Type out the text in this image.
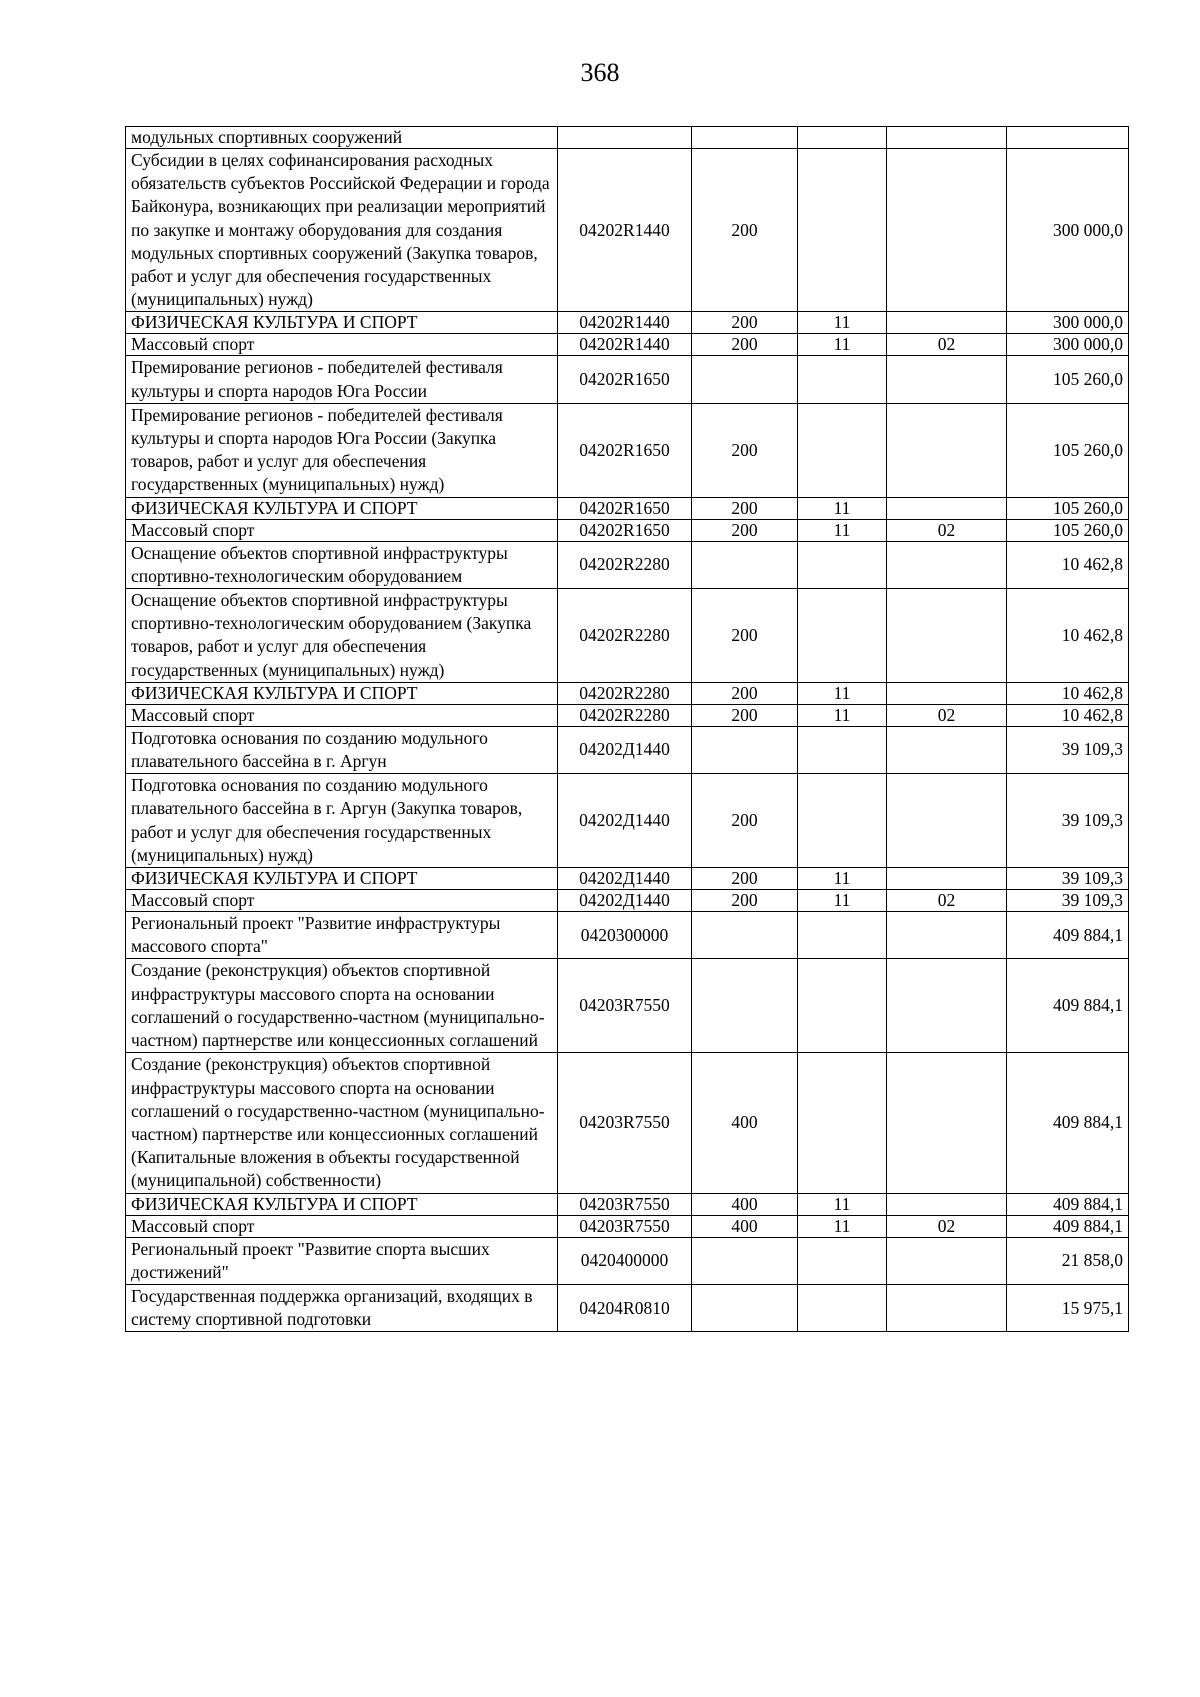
368
модульных спортивных сооружений					

Субсидии в целях софинансирования расходных обязательств субъектов Российской Федерации и города Байконура, возникающих при реализации мероприятий по закупке и монтажу оборудования для создания модульных спортивных сооружений (Закупка товаров, работ и услуг для обеспечения государственных (муниципальных) нужд)	04202R1440	200			300 000,0

ФИЗИЧЕСКАЯ КУЛЬТУРА И СПОРТ	04202R1440	200	11		300 000,0

Массовый спорт	04202R1440	200	11	02	300 000,0

Премирование регионов - победителей фестиваля культуры и спорта народов Юга России	04202R1650				105 260,0

Премирование регионов - победителей фестиваля культуры и спорта народов Юга России (Закупка товаров, работ и услуг для обеспечения государственных (муниципальных) нужд)	04202R1650	200			105 260,0

ФИЗИЧЕСКАЯ КУЛЬТУРА И СПОРТ	04202R1650	200	11		105 260,0

Массовый спорт	04202R1650	200	11	02	105 260,0

Оснащение объектов спортивной инфраструктуры спортивно-технологическим оборудованием	04202R2280				10 462,8

Оснащение объектов спортивной инфраструктуры спортивно-технологическим оборудованием (Закупка товаров, работ и услуг для обеспечения государственных (муниципальных) нужд)	04202R2280	200			10 462,8

ФИЗИЧЕСКАЯ КУЛЬТУРА И СПОРТ	04202R2280	200	11		10 462,8

Массовый спорт	04202R2280	200	11	02	10 462,8

Подготовка основания по созданию модульного плавательного бассейна в г. Аргун	04202Д1440				39 109,3

Подготовка основания по созданию модульного плавательного бассейна в г. Аргун (Закупка товаров, работ и услуг для обеспечения государственных (муниципальных) нужд)	04202Д1440	200			39 109,3

ФИЗИЧЕСКАЯ КУЛЬТУРА И СПОРТ	04202Д1440	200	11		39 109,3

Массовый спорт	04202Д1440	200	11	02	39 109,3

Региональный проект "Развитие инфраструктуры массового спорта"	0420300000				409 884,1

Создание (реконструкция) объектов спортивной инфраструктуры массового спорта на основании соглашений о государственно-частном (муниципально-частном) партнерстве или концессионных соглашений	04203R7550				409 884,1

Создание (реконструкция) объектов спортивной инфраструктуры массового спорта на основании соглашений о государственно-частном (муниципально-частном) партнерстве или концессионных соглашений (Капитальные вложения в объекты государственной (муниципальной) собственности)	04203R7550	400			409 884,1

ФИЗИЧЕСКАЯ КУЛЬТУРА И СПОРТ	04203R7550	400	11		409 884,1

Массовый спорт	04203R7550	400	11	02	409 884,1

Региональный проект "Развитие спорта высших достижений"	0420400000				21 858,0

Государственная поддержка организаций, входящих в систему спортивной подготовки	04204R0810				15 975,1
